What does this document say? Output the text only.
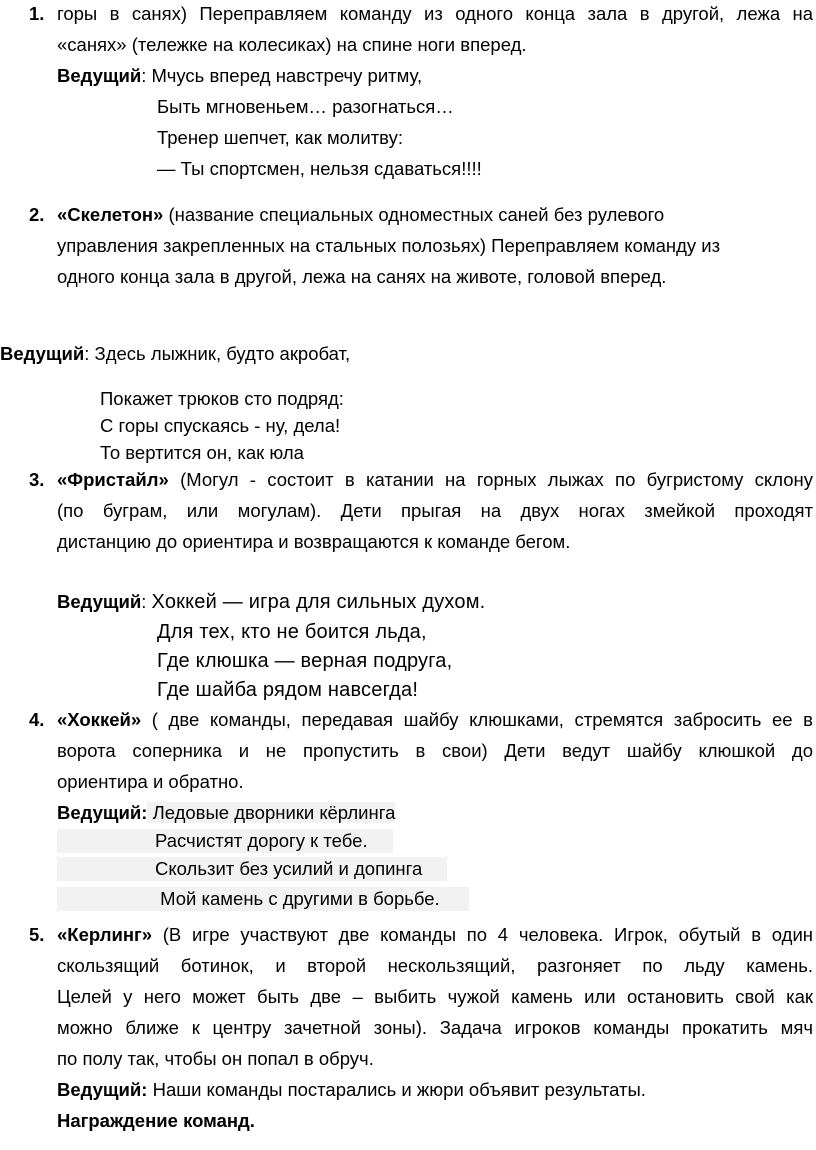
1. горы в санях) Переправляем команду из одного конца зала в другой, лежа на
«санях» (тележке на колесиках) на спине ноги вперед.
Ведущий: Мчусь вперед навстречу ритму,
Быть мгновеньем… разогнаться…
Тренер шепчет, как молитву:
— Ты спортсмен, нельзя сдаваться!!!!
2. «Скелетон» (название специальных одноместных саней без рулевого
управления закрепленных на стальных полозьях) Переправляем команду из
одного конца зала в другой, лежа на санях на животе, головой вперед.
Ведущий: Здесь лыжник, будто акробат,
Покажет трюков сто подряд:
С горы спускаясь - ну, дела!
То вертится он, как юла
3. «Фристайл» (Могул - состоит в катании на горных лыжах по бугристому склону
(по буграм, или могулам). Дети прыгая на двух ногах змейкой проходят
дистанцию до ориентира и возвращаются к команде бегом.
Ведущий: Хоккей — игра для сильных духом.
Для тех, кто не боится льда,
Где клюшка — верная подруга,
Где шайба рядом навсегда!
4. «Хоккей» ( две команды, передавая шайбу клюшками, стремятся забросить ее в
ворота соперника и не пропустить в свои) Дети ведут шайбу клюшкой до
ориентира и обратно.
Ведущий: Ледовые дворники кёрлинга
Расчистят дорогу к тебе.
Скользит без усилий и допинга
Мой камень с другими в борьбе.
5. «Керлинг» (В игре участвуют две команды по 4 человека. Игрок, обутый в один
скользящий ботинок, и второй нескользящий, разгоняет по льду камень.
Целей у него может быть две – выбить чужой камень или остановить свой как
можно ближе к центру зачетной зоны). Задача игроков команды прокатить мяч
по полу так, чтобы он попал в обруч.
Ведущий: Наши команды постарались и жюри объявит результаты.
Награждение команд.
